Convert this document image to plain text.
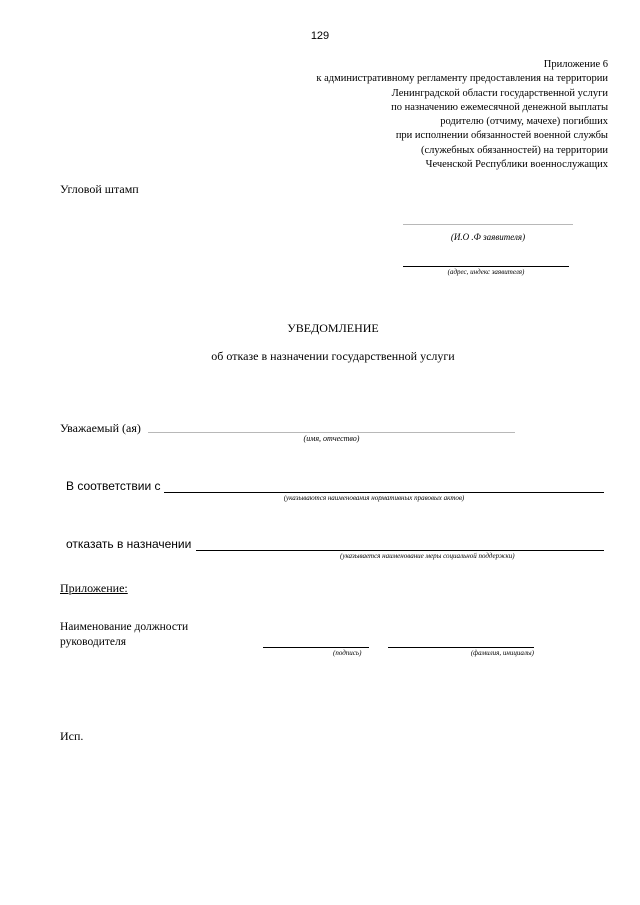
129
Приложение 6
к административному регламенту предоставления на территории
Ленинградской области государственной услуги
по назначению ежемесячной денежной выплаты
родителю (отчиму, мачехе) погибших
при исполнении обязанностей военной службы
(служебных обязанностей) на территории
Чеченской Республики военнослужащих
Угловой штамп
(И.О .Ф заявителя)
(адрес, индекс заявителя)
УВЕДОМЛЕНИЕ
об отказе в назначении государственной услуги
Уважаемый (ая)
(имя, отчество)
В соответствии с
(указываются наименования нормативных правовых актов)
отказать в назначении
(указывается наименование меры социальной поддержки)
Приложение:
Наименование должности руководителя
(подпись)	(фамилия, инициалы)
Исп.
